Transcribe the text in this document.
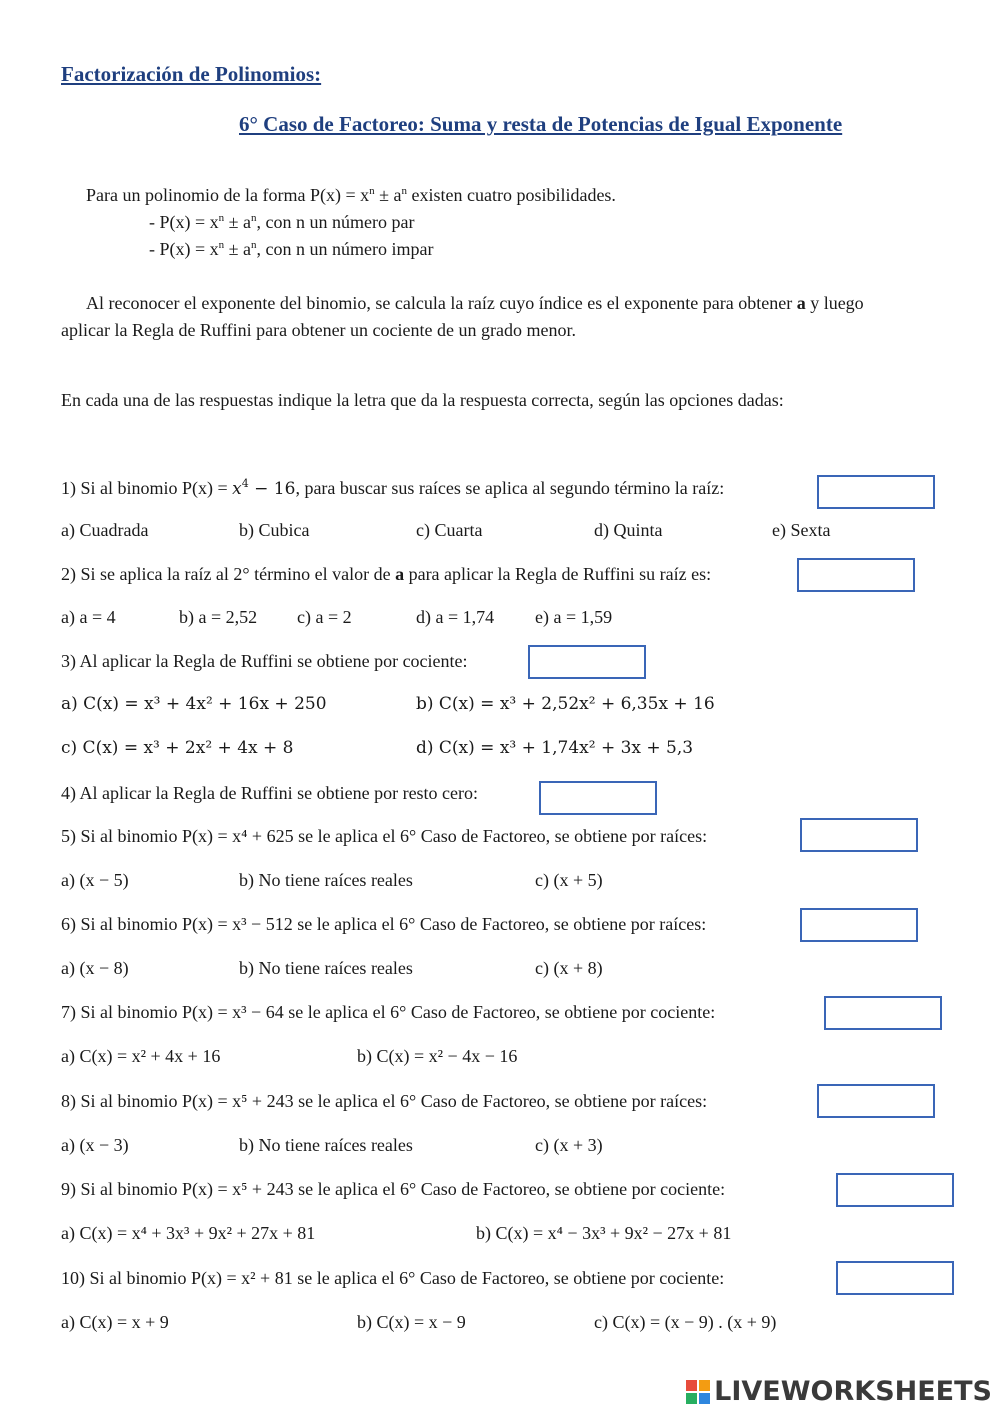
Factorización de Polinomios:
6° Caso de Factoreo: Suma y resta de Potencias de Igual Exponente
Para un polinomio de la forma $P(x) = x^n \pm a^n$ existen cuatro posibilidades.
- $P(x) = x^n \pm a^n$, con n un número par
- $P(x) = x^n \pm a^n$, con n un número impar
Al reconocer el exponente del binomio, se calcula la raíz cuyo índice es el exponente para obtener a y luego
aplicar la Regla de Ruffini para obtener un cociente de un grado menor.
En cada una de las respuestas indique la letra que da la respuesta correcta, según las opciones dadas:
1) Si al binomio $P(x) = x^4 - 16$, para buscar sus raíces se aplica al segundo término la raíz:
a) Cuadrada	b) Cubica	c) Cuarta	d) Quinta	e) Sexta
2) Si se aplica la raíz al 2° término el valor de a para aplicar la Regla de Ruffini su raíz es:
a) a = 4	b) a = 2,52 c) a = 2	d) a = 1,74 e) a = 1,59
3) Al aplicar la Regla de Ruffini se obtiene por cociente:
a) C(x) = x³ + 4x² + 16x + 250	b) C(x) = x³ + 2,52x² + 6,35x + 16
c) C(x) = x³ + 2x² + 4x + 8	d) C(x) = x³ + 1,74x² + 3x + 5,3
4) Al aplicar la Regla de Ruffini se obtiene por resto cero:
5) Si al binomio P(x) = x⁴ + 625 se le aplica el 6° Caso de Factoreo, se obtiene por raíces:
a) (x − 5)	b) No tiene raíces reales	c) (x + 5)
6) Si al binomio P(x) = x³ − 512 se le aplica el 6° Caso de Factoreo, se obtiene por raíces:
a) (x − 8)	b) No tiene raíces reales	c) (x + 8)
7) Si al binomio P(x) = x³ − 64 se le aplica el 6° Caso de Factoreo, se obtiene por cociente:
a) C(x) = x² + 4x + 16	b) C(x) = x² − 4x − 16
8) Si al binomio P(x) = x⁵ + 243 se le aplica el 6° Caso de Factoreo, se obtiene por raíces:
a) (x − 3)	b) No tiene raíces reales	c) (x + 3)
9) Si al binomio P(x) = x⁵ + 243 se le aplica el 6° Caso de Factoreo, se obtiene por cociente:
a) C(x) = x⁴ + 3x³ + 9x² + 27x + 81	b) C(x) = x⁴ − 3x³ + 9x² − 27x + 81
10) Si al binomio P(x) = x² + 81 se le aplica el 6° Caso de Factoreo, se obtiene por cociente:
a) C(x) = x + 9	b) C(x) = x − 9	c) C(x) = (x − 9) . (x + 9)
LIVEWORKSHEETS
